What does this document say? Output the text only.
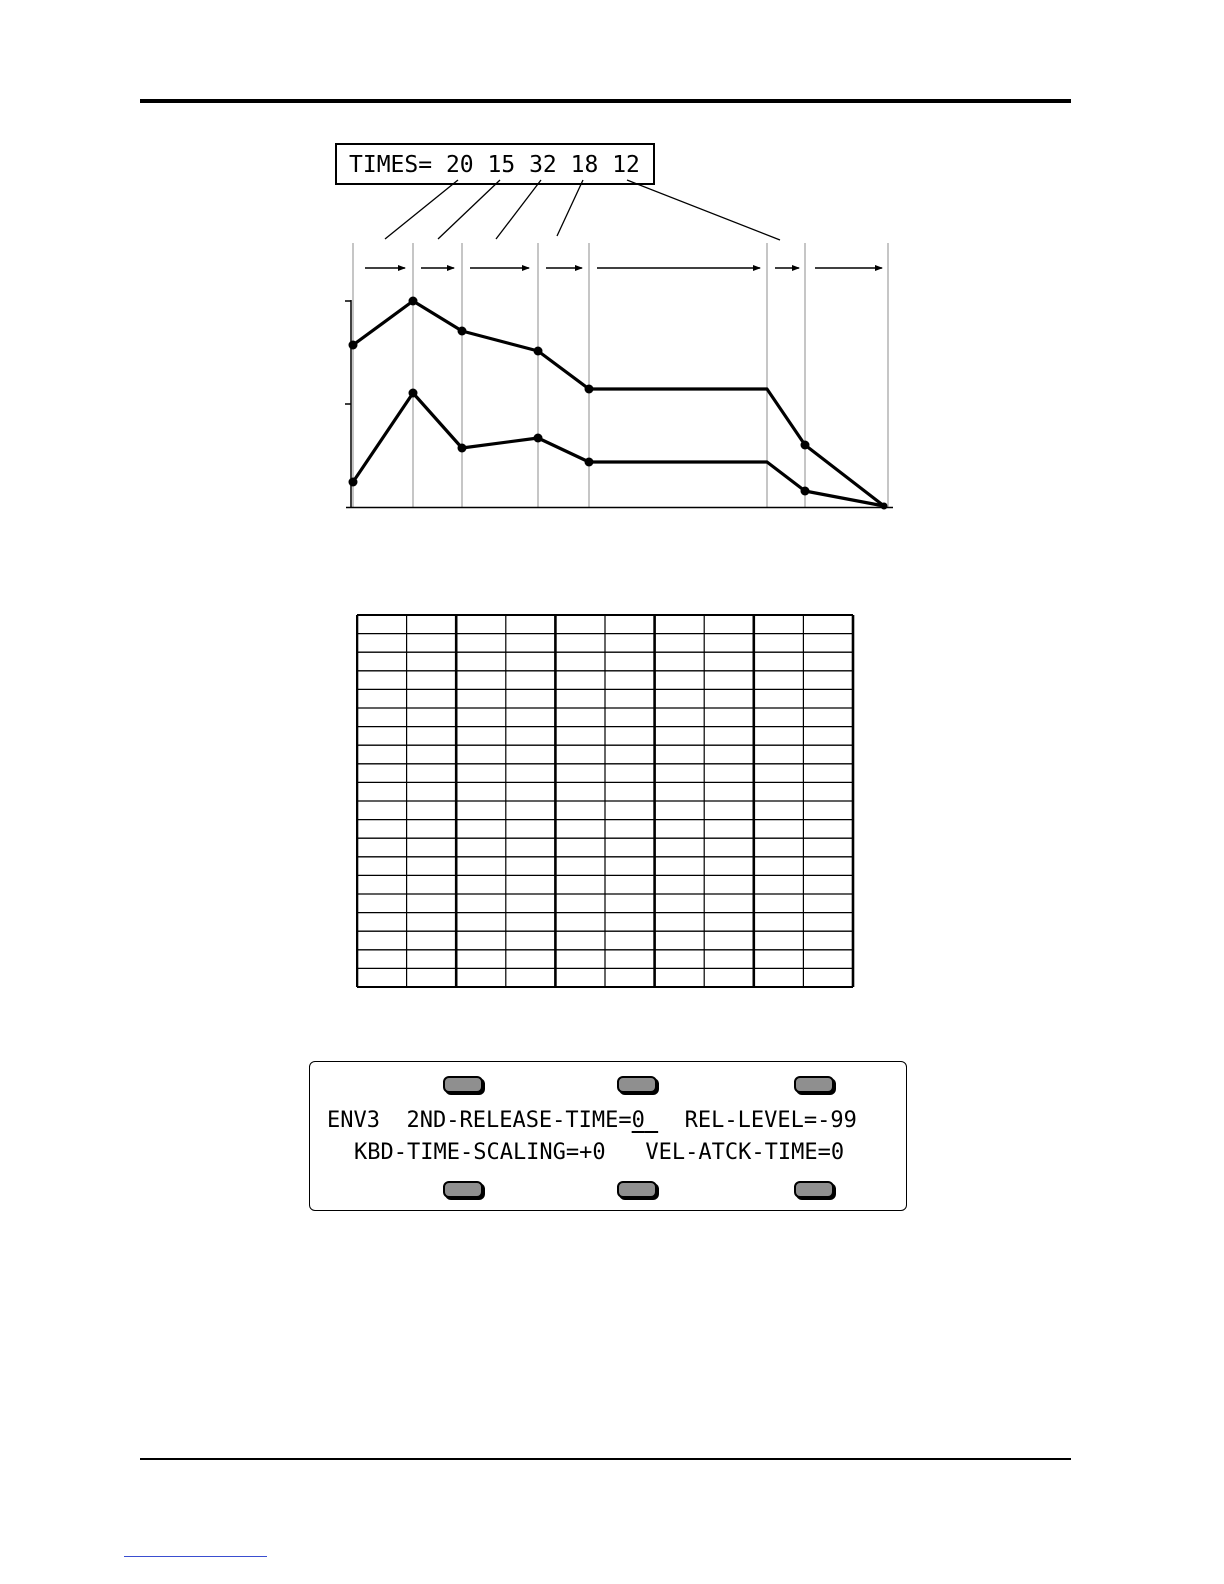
TIMES= 20 15 32 18 12
ENV3 2ND-RELEASE-TIME=0 REL-LEVEL=-99
KBD-TIME-SCALING=+0 VEL-ATCK-TIME=0
